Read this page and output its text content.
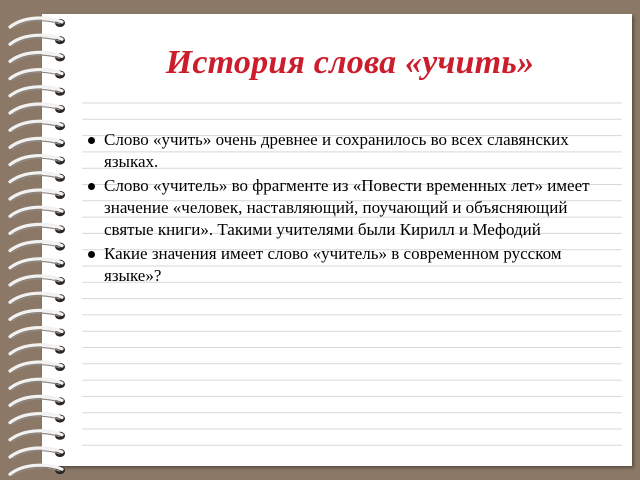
История слова «учить»
Слово «учить» очень древнее и сохранилось во всех славянских языках.
Слово «учитель» во фрагменте из «Повести временных лет» имеет значение «человек, наставляющий, поучающий и объясняющий святые книги». Такими учителями были Кирилл и Мефодий
Какие значения имеет слово «учитель» в современном русском языке»?
